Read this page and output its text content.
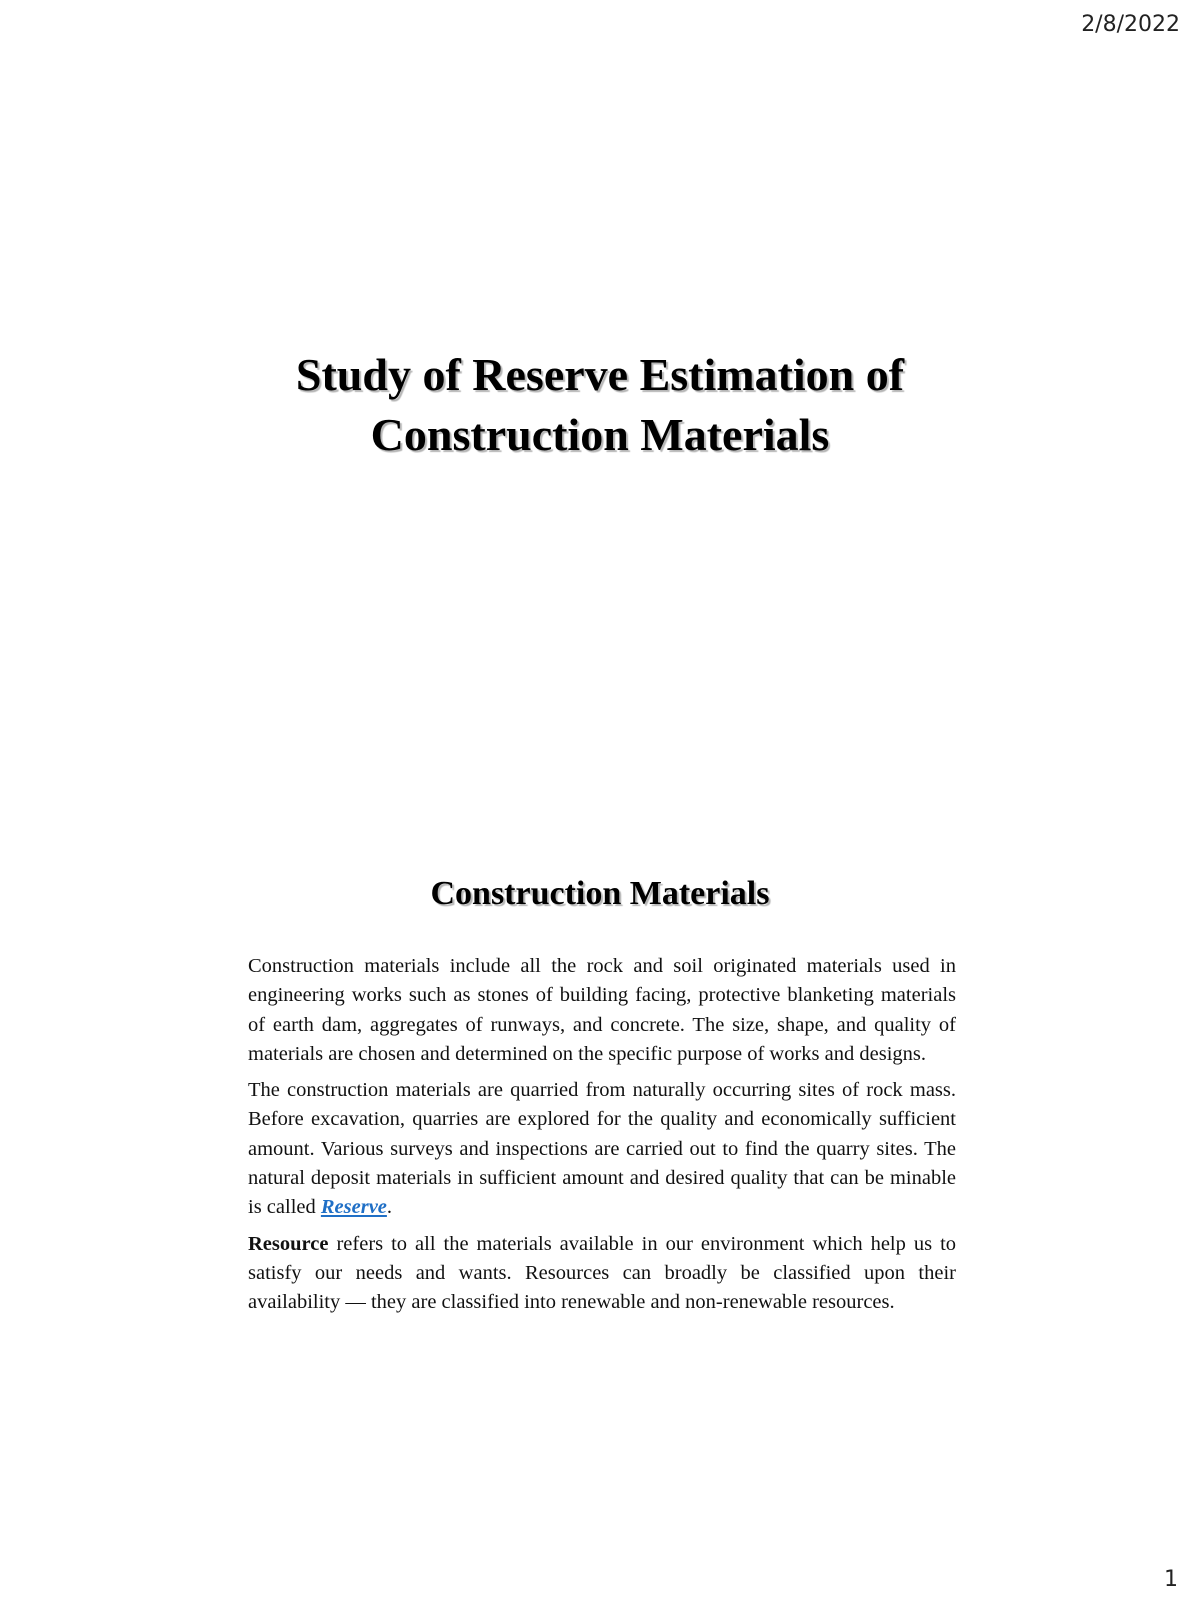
2/8/2022
Study of Reserve Estimation of
Construction Materials
Construction Materials

Construction materials include all the rock and soil originated materials used in engineering works such as stones of building facing, protective blanketing materials of earth dam, aggregates of runways, and concrete. The size, shape, and quality of materials are chosen and determined on the specific purpose of works and designs.

The construction materials are quarried from naturally occurring sites of rock mass. Before excavation, quarries are explored for the quality and economically sufficient amount. Various surveys and inspections are carried out to find the quarry sites. The natural deposit materials in sufficient amount and desired quality that can be minable is called Reserve.

Resource refers to all the materials available in our environment which help us to satisfy our needs and wants. Resources can broadly be classified upon their availability — they are classified into renewable and non-renewable resources.

1
